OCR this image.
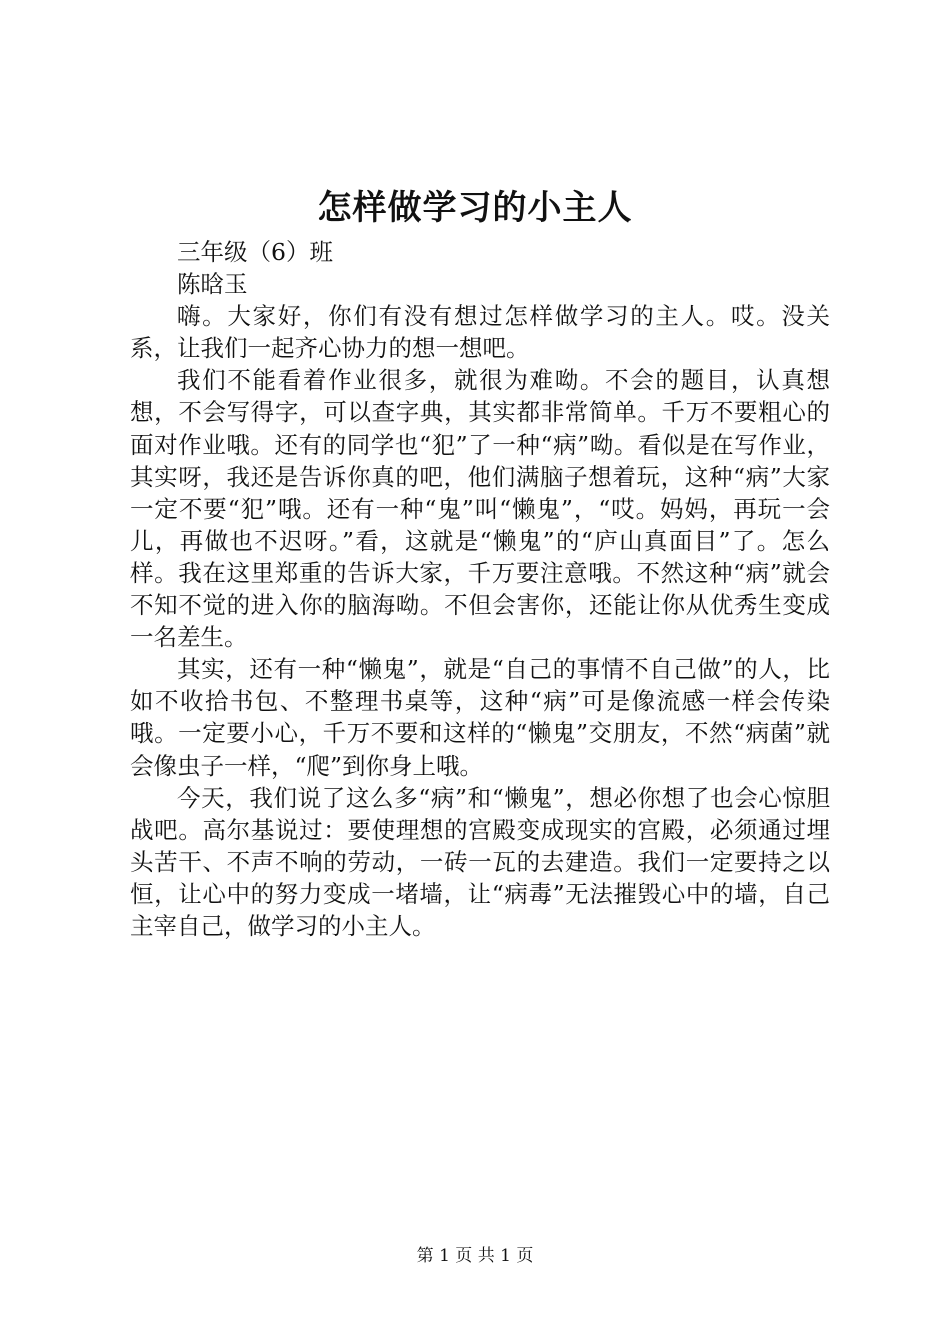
怎样做学习的小主人

三年级（6）班

陈晗玉

嗨。大家好，你们有没有想过怎样做学习的主人。哎。没关系，让我们一起齐心协力的想一想吧。

我们不能看着作业很多，就很为难呦。不会的题目，认真想想，不会写得字，可以查字典，其实都非常简单。千万不要粗心的面对作业哦。还有的同学也“犯”了一种“病”呦。看似是在写作业，其实呀，我还是告诉你真的吧，他们满脑子想着玩，这种“病”大家一定不要“犯”哦。还有一种“鬼”叫“懒鬼”，“哎。妈妈，再玩一会儿，再做也不迟呀。”看，这就是“懒鬼”的“庐山真面目”了。怎么样。我在这里郑重的告诉大家，千万要注意哦。不然这种“病”就会不知不觉的进入你的脑海呦。不但会害你，还能让你从优秀生变成一名差生。

其实，还有一种“懒鬼”，就是“自己的事情不自己做”的人，比如不收拾书包、不整理书桌等，这种“病”可是像流感一样会传染哦。一定要小心，千万不要和这样的“懒鬼”交朋友，不然“病菌”就会像虫子一样，“爬”到你身上哦。

今天，我们说了这么多“病”和“懒鬼”，想必你想了也会心惊胆战吧。高尔基说过：要使理想的宫殿变成现实的宫殿，必须通过埋头苦干、不声不响的劳动，一砖一瓦的去建造。我们一定要持之以恒，让心中的努力变成一堵墙，让“病毒”无法摧毁心中的墙，自己主宰自己，做学习的小主人。

第 1 页 共 1 页
